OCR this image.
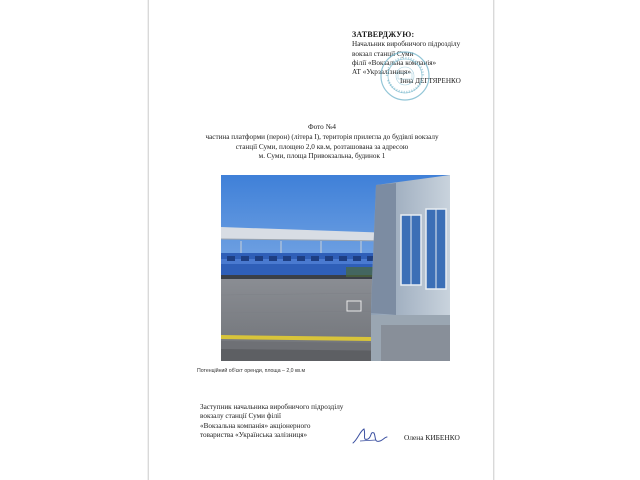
ЗАТВЕРДЖУЮ:
Начальник виробничого підрозділу
вокзал станції Суми
філії «Вокзальна компанія»
АТ «Укрзалізниця»
Інна ДЕГТЯРЕНКО
Фото №4
частина платформи (перон) (літера І), територія прилегла до будівлі вокзалу
станції Суми, площею 2,0 кв.м, розташована за адресою
м. Суми, площа Привокзальна, будинок 1
Потенційний об'єкт оренди, площа – 2,0 кв.м
Заступник начальника виробничого підрозділу
вокзалу станції Суми філії
«Вокзальна компанія» акціонерного
товариства «Українська залізниця»	Олена КИБЕНКО
